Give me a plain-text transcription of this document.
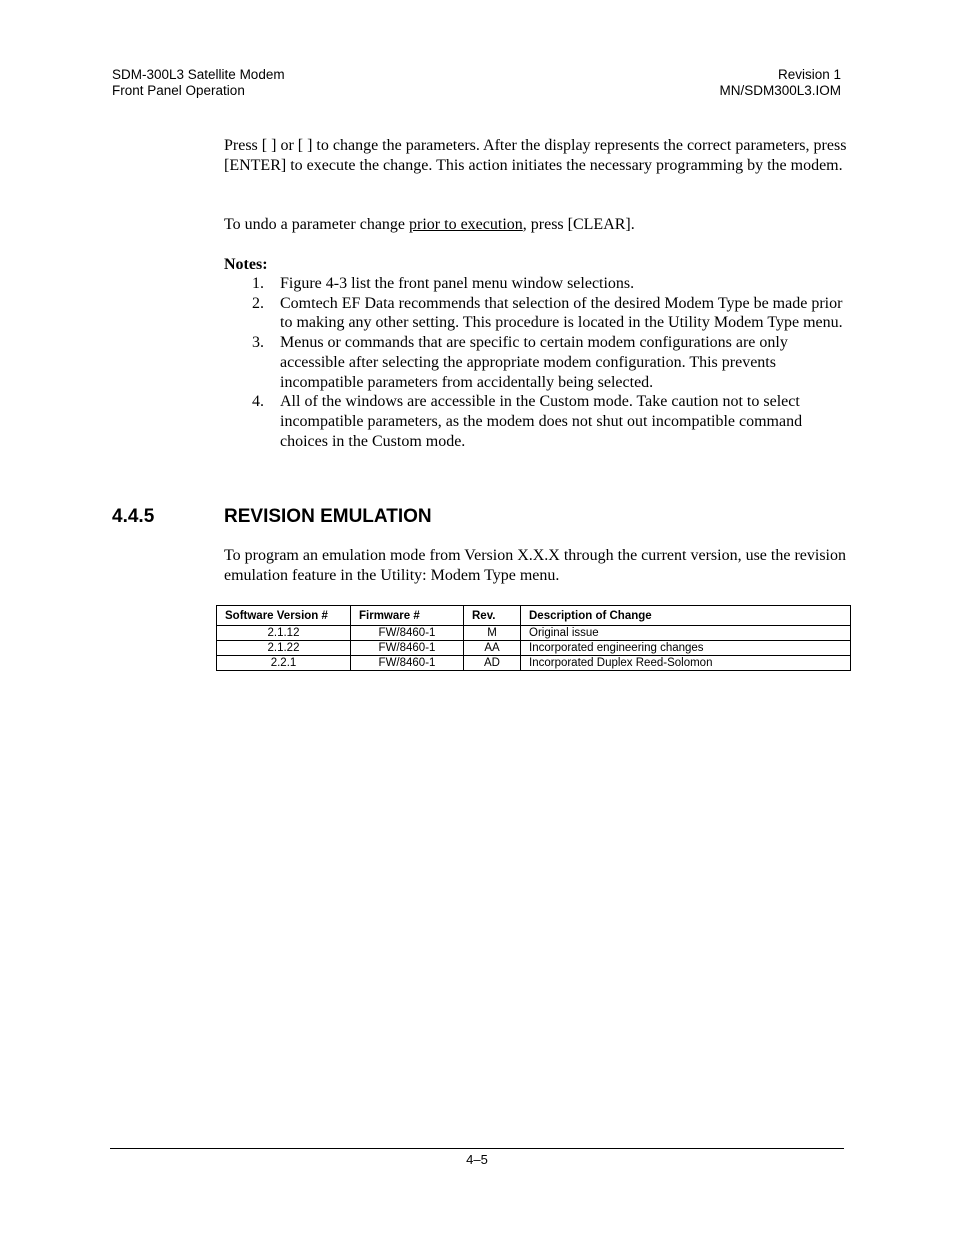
SDM-300L3 Satellite Modem
Front Panel Operation
Revision 1
MN/SDM300L3.IOM
Press [ ] or [ ] to change the parameters. After the display represents the correct parameters, press [ENTER] to execute the change. This action initiates the necessary programming by the modem.
To undo a parameter change prior to execution, press [CLEAR].
Notes:
1. Figure 4-3 list the front panel menu window selections.
2. Comtech EF Data recommends that selection of the desired Modem Type be made prior to making any other setting. This procedure is located in the Utility Modem Type menu.
3. Menus or commands that are specific to certain modem configurations are only accessible after selecting the appropriate modem configuration. This prevents incompatible parameters from accidentally being selected.
4. All of the windows are accessible in the Custom mode. Take caution not to select incompatible parameters, as the modem does not shut out incompatible command choices in the Custom mode.
4.4.5	REVISION EMULATION
To program an emulation mode from Version X.X.X through the current version, use the revision emulation feature in the Utility: Modem Type menu.
Software Version #	Firmware #	Rev.	Description of Change
2.1.12	FW/8460-1	M	Original issue
2.1.22	FW/8460-1	AA	Incorporated engineering changes
2.2.1	FW/8460-1	AD	Incorporated Duplex Reed-Solomon
4–5
